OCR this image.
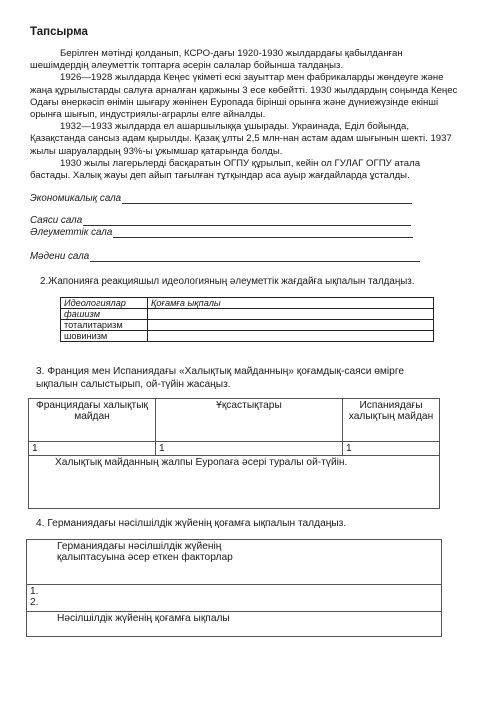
Тапсырма

Берілген мәтінді қолданып, КСРО-дағы 1920-1930 жылдардағы қабылданған шешімдердің әлеуметтік топтарға әсерін салалар бойынша талдаңыз.

1926—1928 жылдарда Кеңес үкіметі ескі зауыттар мен фабрикаларды жөндеуге және жаңа құрылыстарды салуға арналған қаржыны 3 есе көбейтті. 1930 жылдардың соңында Кеңес Одағы өнеркәсіп өнімін шығару жөнінен Еуропада бірінші орынға және дүниежүзінде екінші орынға шығып, индустриялы-аграрлы елге айналды.

1932—1933 жылдарда ел ашаршылыққа ұшырады. Украинада, Еділ бойында, Қазақстанда сансыз адам қырылды. Қазақ ұлты 2,5 млн-нан астам адам шығынын шекті. 1937 жылы шаруалардың 93%-ы ұжымшар қатарында болды.

1930 жылы лагерьлерді басқаратын ОГПУ құрылып, кейін ол ГУЛАГ ОГПУ атала бастады. Халық жауы деп айып тағылған тұтқындар аса ауыр жағдайларда ұсталды.

Экономикалық сала
Саяси сала
Әлеуметтік сала
Мәдени сала
2.Жапонияға реакцияшыл идеологияның әлеуметтік жағдайға ықпалын талдаңыз.
Идеологиялар	Қоғамға ықпалы
фашизм	
тоталитаризм	
шовинизм	
3. Франция мен Испаниядағы «Халықтық майданның» қоғамдық-саяси өмірге ықпалын салыстырып, ой-түйін жасаңыз.
Франциядағы халықтық майдан	Ұқсастықтары	Испаниядағы халықтың майдан
1	1	1
Халықтық майданның жалпы Еуропаға әсері туралы ой-түйін.		
4. Германиядағы нәсілшілдік жүйенің қоғамға ықпалын талдаңыз.
Германиядағы нәсілшілдік жүйенің қалыптасуына әсер еткен факторлар

1.
2.

Нәсілшілдік жүйенің қоғамға ықпалы
